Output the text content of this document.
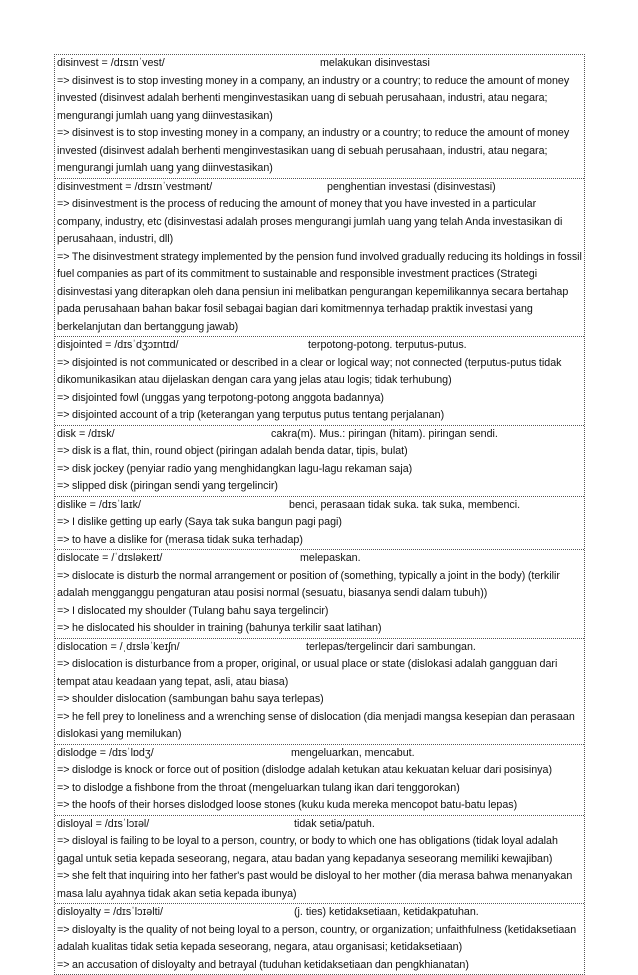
disinvest = /dɪsɪnˈvest/	melakukan disinvestasi

=> disinvest is to stop investing money in a company, an industry or a country; to reduce the amount of money invested (disinvest adalah berhenti menginvestasikan uang di sebuah perusahaan, industri, atau negara; mengurangi jumlah uang yang diinvestasikan)

=> disinvest is to stop investing money in a company, an industry or a country; to reduce the amount of money invested (disinvest adalah berhenti menginvestasikan uang di sebuah perusahaan, industri, atau negara; mengurangi jumlah uang yang diinvestasikan)

disinvestment = /dɪsɪnˈvestmənt/	penghentian investasi (disinvestasi)

=> disinvestment is the process of reducing the amount of money that you have invested in a particular company, industry, etc (disinvestasi adalah proses mengurangi jumlah uang yang telah Anda investasikan di perusahaan, industri, dll)

=> The disinvestment strategy implemented by the pension fund involved gradually reducing its holdings in fossil fuel companies as part of its commitment to sustainable and responsible investment practices (Strategi disinvestasi yang diterapkan oleh dana pensiun ini melibatkan pengurangan kepemilikannya secara bertahap pada perusahaan bahan bakar fosil sebagai bagian dari komitmennya terhadap praktik investasi yang berkelanjutan dan bertanggung jawab)

disjointed = /dɪsˈdʒɔɪntɪd/	terpotong-potong. terputus-putus.

=> disjointed is not communicated or described in a clear or logical way; not connected (terputus-putus tidak dikomunikasikan atau dijelaskan dengan cara yang jelas atau logis; tidak terhubung)

=> disjointed fowl (unggas yang terpotong-potong anggota badannya)

=> disjointed account of a trip (keterangan yang terputus putus tentang perjalanan)

disk = /dɪsk/	cakra(m). Mus.: piringan (hitam). piringan sendi.

=> disk is a flat, thin, round object (piringan adalah benda datar, tipis, bulat)

=> disk jockey (penyiar radio yang menghidangkan lagu-lagu rekaman saja)

=> slipped disk (piringan sendi yang tergelincir)

dislike = /dɪsˈlaɪk/	benci, perasaan tidak suka. tak suka, membenci.

=> I dislike getting up early (Saya tak suka bangun pagi pagi)

=> to have a dislike for (merasa tidak suka terhadap)

dislocate = /ˈdɪsləkeɪt/	melepaskan.

=> dislocate is disturb the normal arrangement or position of (something, typically a joint in the body) (terkilir adalah mengganggu pengaturan atau posisi normal (sesuatu, biasanya sendi dalam tubuh))

=> I dislocated my shoulder (Tulang bahu saya tergelincir)

=> he dislocated his shoulder in training (bahunya terkilir saat latihan)

dislocation = /ˌdɪsləˈkeɪʃn/	terlepas/tergelincir dari sambungan.

=> dislocation is disturbance from a proper, original, or usual place or state (dislokasi adalah gangguan dari tempat atau keadaan yang tepat, asli, atau biasa)

=> shoulder dislocation (sambungan bahu saya terlepas)

=> he fell prey to loneliness and a wrenching sense of dislocation (dia menjadi mangsa kesepian dan perasaan dislokasi yang memilukan)

dislodge = /dɪsˈlɒdʒ/	mengeluarkan, mencabut.

=> dislodge is knock or force out of position (dislodge adalah ketukan atau kekuatan keluar dari posisinya)

=> to dislodge a fishbone from the throat (mengeluarkan tulang ikan dari tenggorokan)

=> the hoofs of their horses dislodged loose stones (kuku kuda mereka mencopot batu-batu lepas)

disloyal = /dɪsˈlɔɪəl/	tidak setia/patuh.

=> disloyal is failing to be loyal to a person, country, or body to which one has obligations (tidak loyal adalah gagal untuk setia kepada seseorang, negara, atau badan yang kepadanya seseorang memiliki kewajiban)

=> she felt that inquiring into her father's past would be disloyal to her mother (dia merasa bahwa menanyakan masa lalu ayahnya tidak akan setia kepada ibunya)

disloyalty = /dɪsˈlɔɪəlti/	(j. ties) ketidaksetiaan, ketidakpatuhan.

=> disloyalty is the quality of not being loyal to a person, country, or organization; unfaithfulness (ketidaksetiaan adalah kualitas tidak setia kepada seseorang, negara, atau organisasi; ketidaksetiaan)

=> an accusation of disloyalty and betrayal (tuduhan ketidaksetiaan dan pengkhianatan)
